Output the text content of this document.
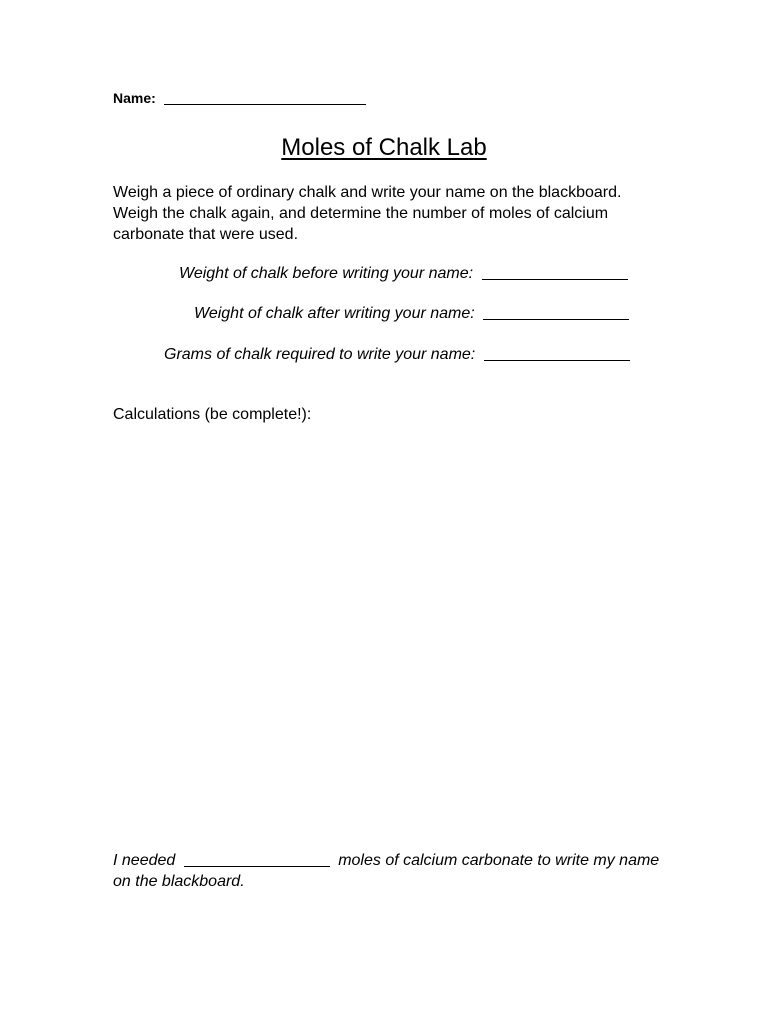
Name:
Moles of Chalk Lab
Weigh a piece of ordinary chalk and write your name on the blackboard. Weigh the chalk again, and determine the number of moles of calcium carbonate that were used.
Weight of chalk before writing your name:
Weight of chalk after writing your name:
Grams of chalk required to write your name:
Calculations (be complete!):
I needed	moles of calcium carbonate to write my name on the blackboard.
